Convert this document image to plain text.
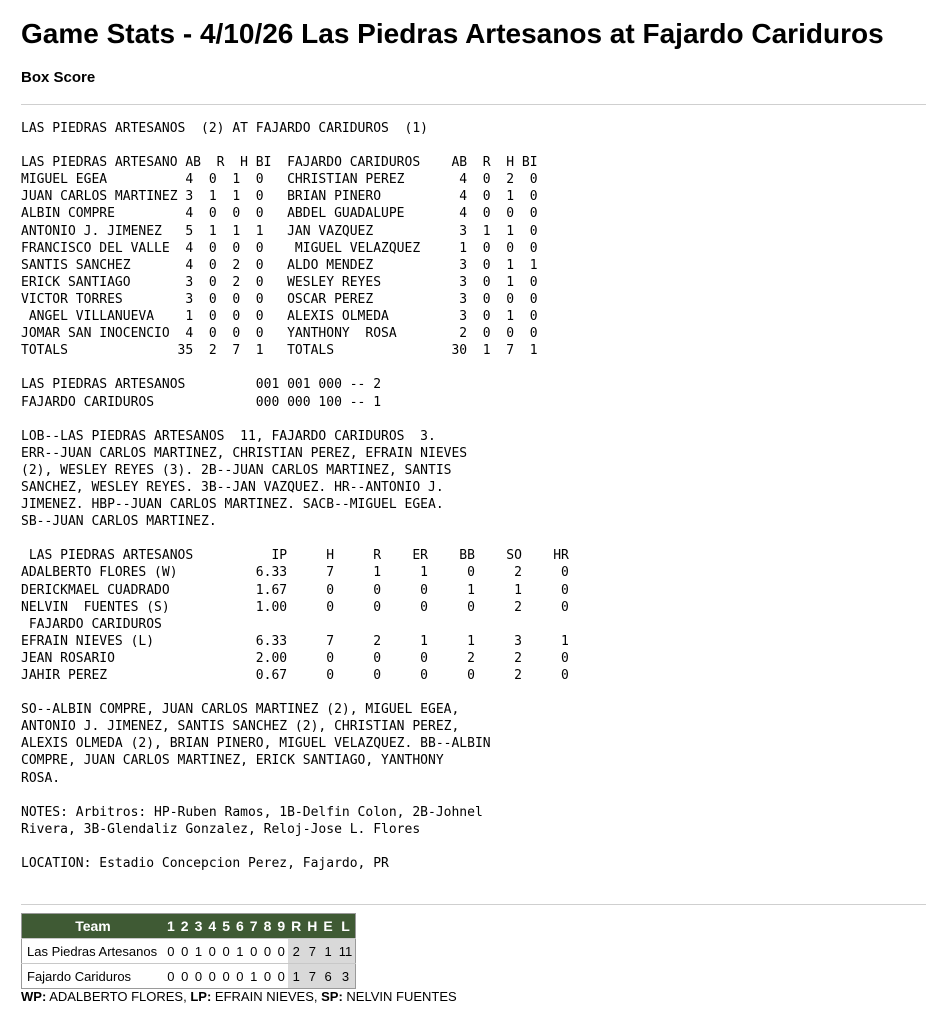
Game Stats - 4/10/26 Las Piedras Artesanos at Fajardo Cariduros
Box Score
LAS PIEDRAS ARTESANOS  (2) AT FAJARDO CARIDUROS  (1)

LAS PIEDRAS ARTESANO AB  R  H BI  FAJARDO CARIDUROS    AB  R  H BI
MIGUEL EGEA          4  0  1  0   CHRISTIAN PEREZ       4  0  2  0
JUAN CARLOS MARTINEZ 3  1  1  0   BRIAN PINERO          4  0  1  0
ALBIN COMPRE         4  0  0  0   ABDEL GUADALUPE       4  0  0  0
ANTONIO J. JIMENEZ   5  1  1  1   JAN VAZQUEZ           3  1  1  0
FRANCISCO DEL VALLE  4  0  0  0    MIGUEL VELAZQUEZ     1  0  0  0
SANTIS SANCHEZ       4  0  2  0   ALDO MENDEZ           3  0  1  1
ERICK SANTIAGO       3  0  2  0   WESLEY REYES          3  0  1  0
VICTOR TORRES        3  0  0  0   OSCAR PEREZ           3  0  0  0
ANGEL VILLANUEVA    1  0  0  0   ALEXIS OLMEDA         3  0  1  0
JOMAR SAN INOCENCIO  4  0  0  0   YANTHONY  ROSA        2  0  0  0
TOTALS              35  2  7  1   TOTALS               30  1  7  1

LAS PIEDRAS ARTESANOS         001 001 000 -- 2
FAJARDO CARIDUROS             000 000 100 -- 1

LOB--LAS PIEDRAS ARTESANOS  11, FAJARDO CARIDUROS  3.
ERR--JUAN CARLOS MARTINEZ, CHRISTIAN PEREZ, EFRAIN NIEVES
(2), WESLEY REYES (3). 2B--JUAN CARLOS MARTINEZ, SANTIS
SANCHEZ, WESLEY REYES. 3B--JAN VAZQUEZ. HR--ANTONIO J.
JIMENEZ. HBP--JUAN CARLOS MARTINEZ. SACB--MIGUEL EGEA.
SB--JUAN CARLOS MARTINEZ.

LAS PIEDRAS ARTESANOS          IP     H     R    ER    BB    SO    HR
ADALBERTO FLORES (W)          6.33     7     1     1     0     2     0
DERICKMAEL CUADRADO           1.67     0     0     0     1     1     0
NELVIN  FUENTES (S)           1.00     0     0     0     0     2     0
FAJARDO CARIDUROS
EFRAIN NIEVES (L)             6.33     7     2     1     1     3     1
JEAN ROSARIO                  2.00     0     0     0     2     2     0
JAHIR PEREZ                   0.67     0     0     0     0     2     0

SO--ALBIN COMPRE, JUAN CARLOS MARTINEZ (2), MIGUEL EGEA,
ANTONIO J. JIMENEZ, SANTIS SANCHEZ (2), CHRISTIAN PEREZ,
ALEXIS OLMEDA (2), BRIAN PINERO, MIGUEL VELAZQUEZ. BB--ALBIN
COMPRE, JUAN CARLOS MARTINEZ, ERICK SANTIAGO, YANTHONY
ROSA.

NOTES: Arbitros: HP-Ruben Ramos, 1B-Delfin Colon, 2B-Johnel
Rivera, 3B-Glendaliz Gonzalez, Reloj-Jose L. Flores

LOCATION: Estadio Concepcion Perez, Fajardo, PR
Team	1	2	3	4	5	6	7	8	9	R	H	E	L
Las Piedras Artesanos	0	0	1	0	0	1	0	0	0	2	7	1	11
Fajardo Cariduros	0	0	0	0	0	0	1	0	0	1	7	6	3

WP: ADALBERTO FLORES, LP: EFRAIN NIEVES, SP: NELVIN FUENTES
